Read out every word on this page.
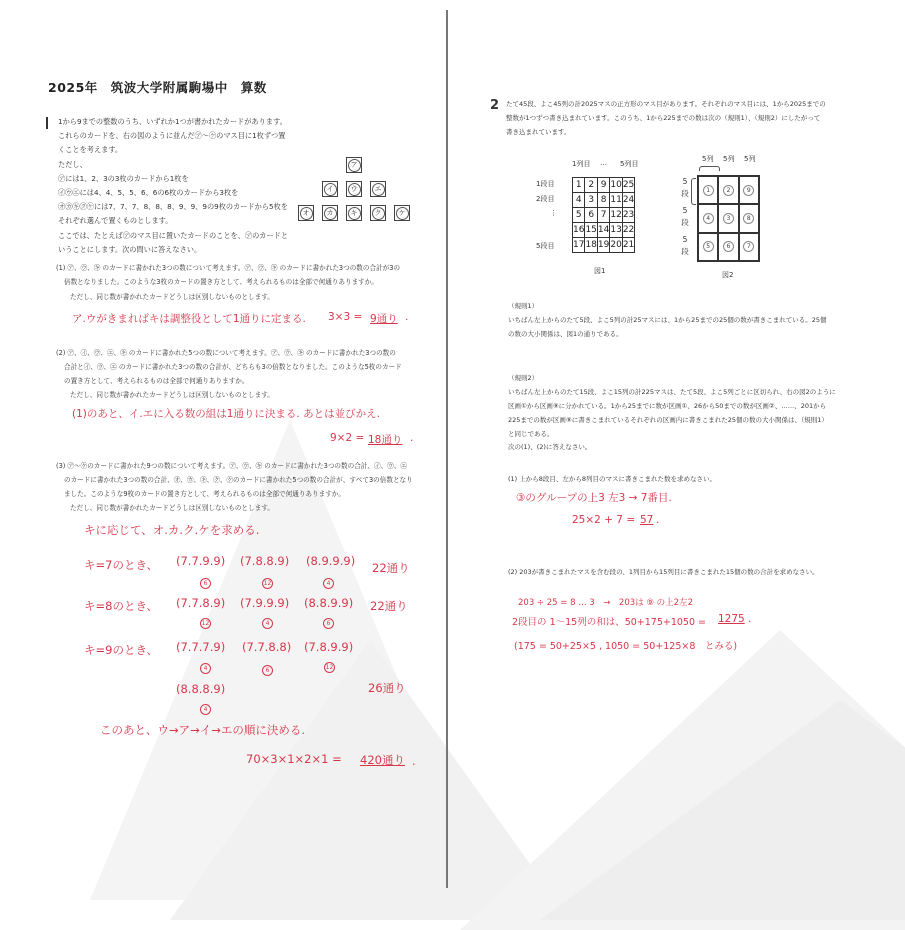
2025年　筑波大学附属駒場中　算数
1から9までの整数のうち、いずれか1つが書かれたカードがあります。
これらのカードを、右の図のように並んだ㋐〜㋘のマス目に1枚ずつ置
くことを考えます。
ただし、
㋐には1、2、3の3枚のカードから1枚を
㋑㋒㋓には4、4、5、5、6、6の6枚のカードから3枚を
㋔㋕㋖㋗㋘には7、7、7、8、8、8、9、9、9の9枚のカードから5枚を
それぞれ選んで置くものとします。
ここでは、たとえば㋐のマス目に置いたカードのことを、㋐のカードと
いうことにします。次の問いに答えなさい。
ア
イ	ウ	エ
オ	カ	キ	ク	ケ
(1) ㋐、㋒、㋖ のカードに書かれた3つの数について考えます。㋐、㋒、㋖ のカードに書かれた3つの数の合計が3の
倍数となりました。このような3枚のカードの置き方として、考えられるものは全部で何通りありますか。
ただし、同じ数が書かれたカードどうしは区別しないものとします。
ア.ウがきまればキは調整役として1通りに定まる. 3×3 = 9通り .
(2) ㋐、㋑、㋒、㋓、㋖ のカードに書かれた5つの数について考えます。㋐、㋒、㋖ のカードに書かれた3つの数の
合計と㋑、㋒、㋓ のカードに書かれた3つの数の合計が、どちらも3の倍数となりました。このような5枚のカード
の置き方として、考えられるものは全部で何通りありますか。
ただし、同じ数が書かれたカードどうしは区別しないものとします。
(1)のあと、イ.エに入る数の組は1通りに決まる. あとは並びかえ.
9×2 = 18通り .
(3) ㋐〜㋘のカードに書かれた9つの数について考えます。㋐、㋒、㋖ のカードに書かれた3つの数の合計、㋑、㋒、㋓
のカードに書かれた3つの数の合計、㋔、㋕、㋖、㋗、㋘のカードに書かれた5つの数の合計が、すべて3の倍数となり
ました。このような9枚のカードの置き方として、考えられるものは全部で何通りありますか。
ただし、同じ数が書かれたカードどうしは区別しないものとします。
キに応じて、オ.カ.ク.ケを求める.
キ=7のとき、 (7.7.9.9) (7.8.8.9) (8.9.9.9)
6	12	4
22通り
キ=8のとき、 (7.7.8.9) (7.9.9.9) (8.8.9.9)
12	4	6
22通り
キ=9のとき、 (7.7.7.9) (7.7.8.8) (7.8.9.9)
4	6	12
(8.8.8.9)
4
26通り
このあと、ウ→ア→イ→エの順に決める.
70×3×1×2×1 = 420通り .
2 たて45段、よこ45列の計2025マスの正方形のマス目があります。それぞれのマス目には、1から2025までの
整数が1つずつ書き込まれています。このうち、1から225までの数は次の（規則1）、（規則2）にしたがって
書き込まれています。
1列目 … 5列目
1段目
2段目
⋮
5段目
1	2	9	10	25
4	3	8	11	24
5	6	7	12	23
16	15	14	13	22
17	18	19	20	21
図1
5列 5列 5列
5段
5段
5段
1	2	9
4	3	8
5	6	7
図2
（規則1）
いちばん左上からのたて5段、よこ5列の計25マスには、1から25までの25個の数が書きこまれている。25個
の数の大小関係は、図1の通りである。
（規則2）
いちばん左上からのたて15段、よこ15列の計225マスは、たて5段、よこ5列ごとに区切られ、右の図2のように
区画①から区画⑨に分かれている。1から25までに数が区画①、26から50までの数が区画②、……、201から
225までの数が区画⑨に書きこまれているそれぞれの区画内に書きこまれた25個の数の大小関係は、（規則1）
と同じである。
次の(1)、(2)に答えなさい。
(1) 上から8段目、左から8列目のマスに書きこまれた数を求めなさい。
③のグループの上3 左3 → 7番目.
25×2 + 7 = 57 .
(2) 203が書きこまれたマスを含む段の、1列目から15列目に書きこまれた15個の数の合計を求めなさい。
203 ÷ 25 = 8 … 3　→　203は ⑨ の上2左2
2段目の 1〜15列の和は、50+175+1050 = 1275 .
(175 = 50+25×5 , 1050 = 50+125×8　とみる)
